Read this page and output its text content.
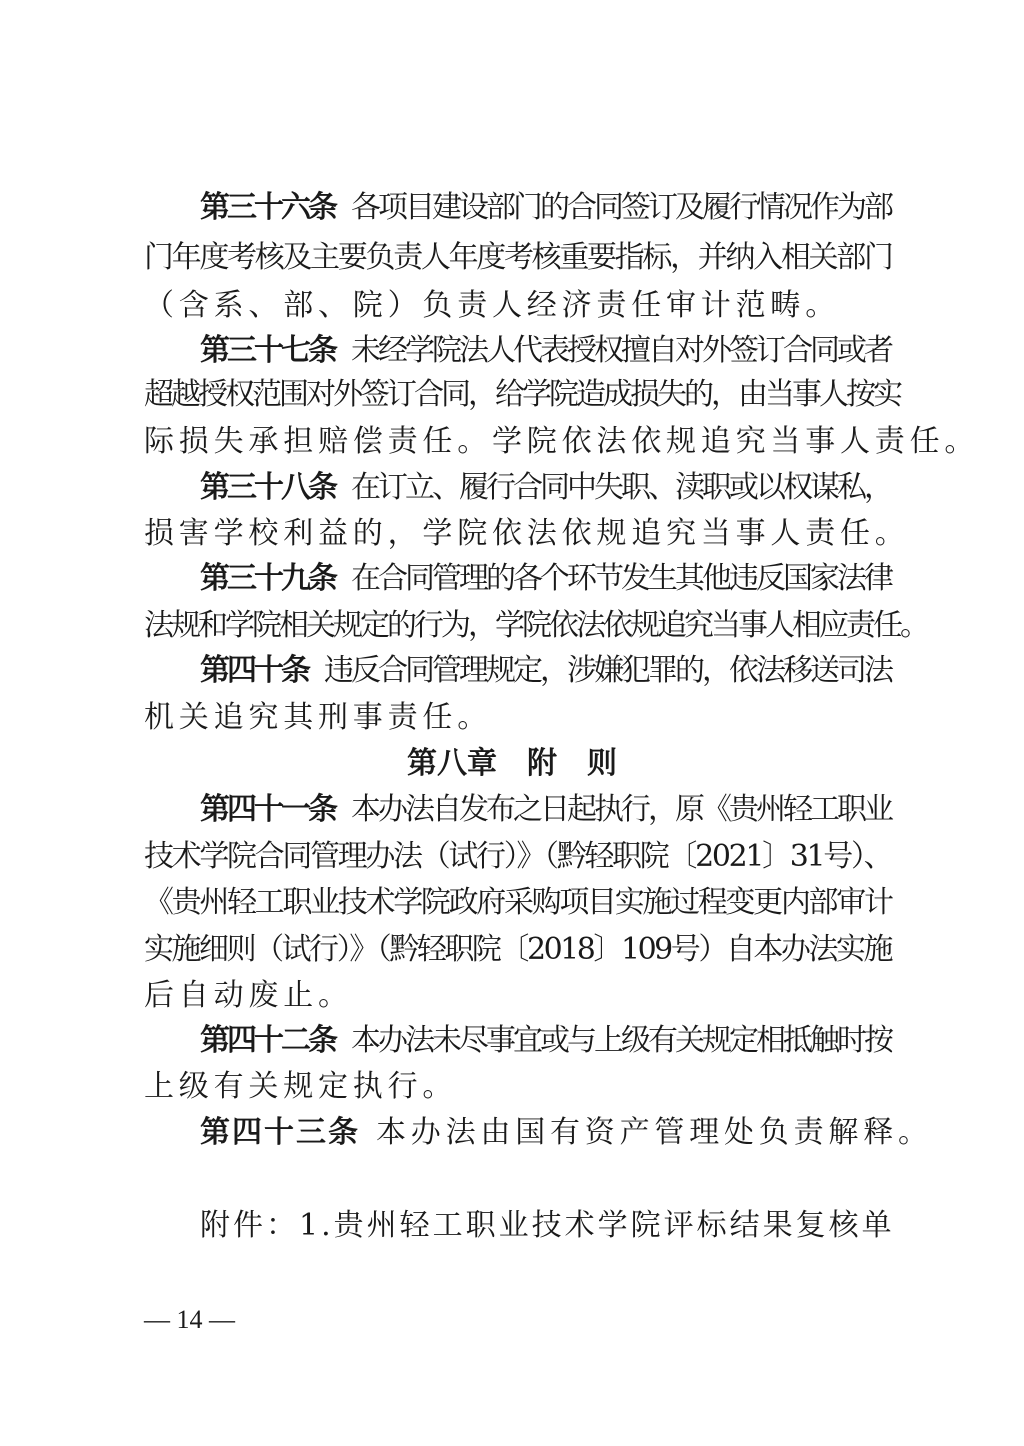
第三十六条 各项目建设部门的合同签订及履行情况作为部
门年度考核及主要负责人年度考核重要指标，并纳入相关部门
（含系、部、院）负责人经济责任审计范畴。
第三十七条 未经学院法人代表授权擅自对外签订合同或者
超越授权范围对外签订合同，给学院造成损失的，由当事人按实
际损失承担赔偿责任。学院依法依规追究当事人责任。
第三十八条 在订立、履行合同中失职、渎职或以权谋私，
损害学校利益的，学院依法依规追究当事人责任。
第三十九条 在合同管理的各个环节发生其他违反国家法律
法规和学院相关规定的行为，学院依法依规追究当事人相应责任。
第四十条 违反合同管理规定，涉嫌犯罪的，依法移送司法
机关追究其刑事责任。
第八章　附　则
第四十一条 本办法自发布之日起执行，原《贵州轻工职业
技术学院合同管理办法（试行）》（黔轻职院〔2021〕31号）、
《贵州轻工职业技术学院政府采购项目实施过程变更内部审计
实施细则（试行）》（黔轻职院〔2018〕109号）自本办法实施
后自动废止。
第四十二条 本办法未尽事宜或与上级有关规定相抵触时按
上级有关规定执行。
第四十三条 本办法由国有资产管理处负责解释。
附件：1.贵州轻工职业技术学院评标结果复核单
— 14 —
